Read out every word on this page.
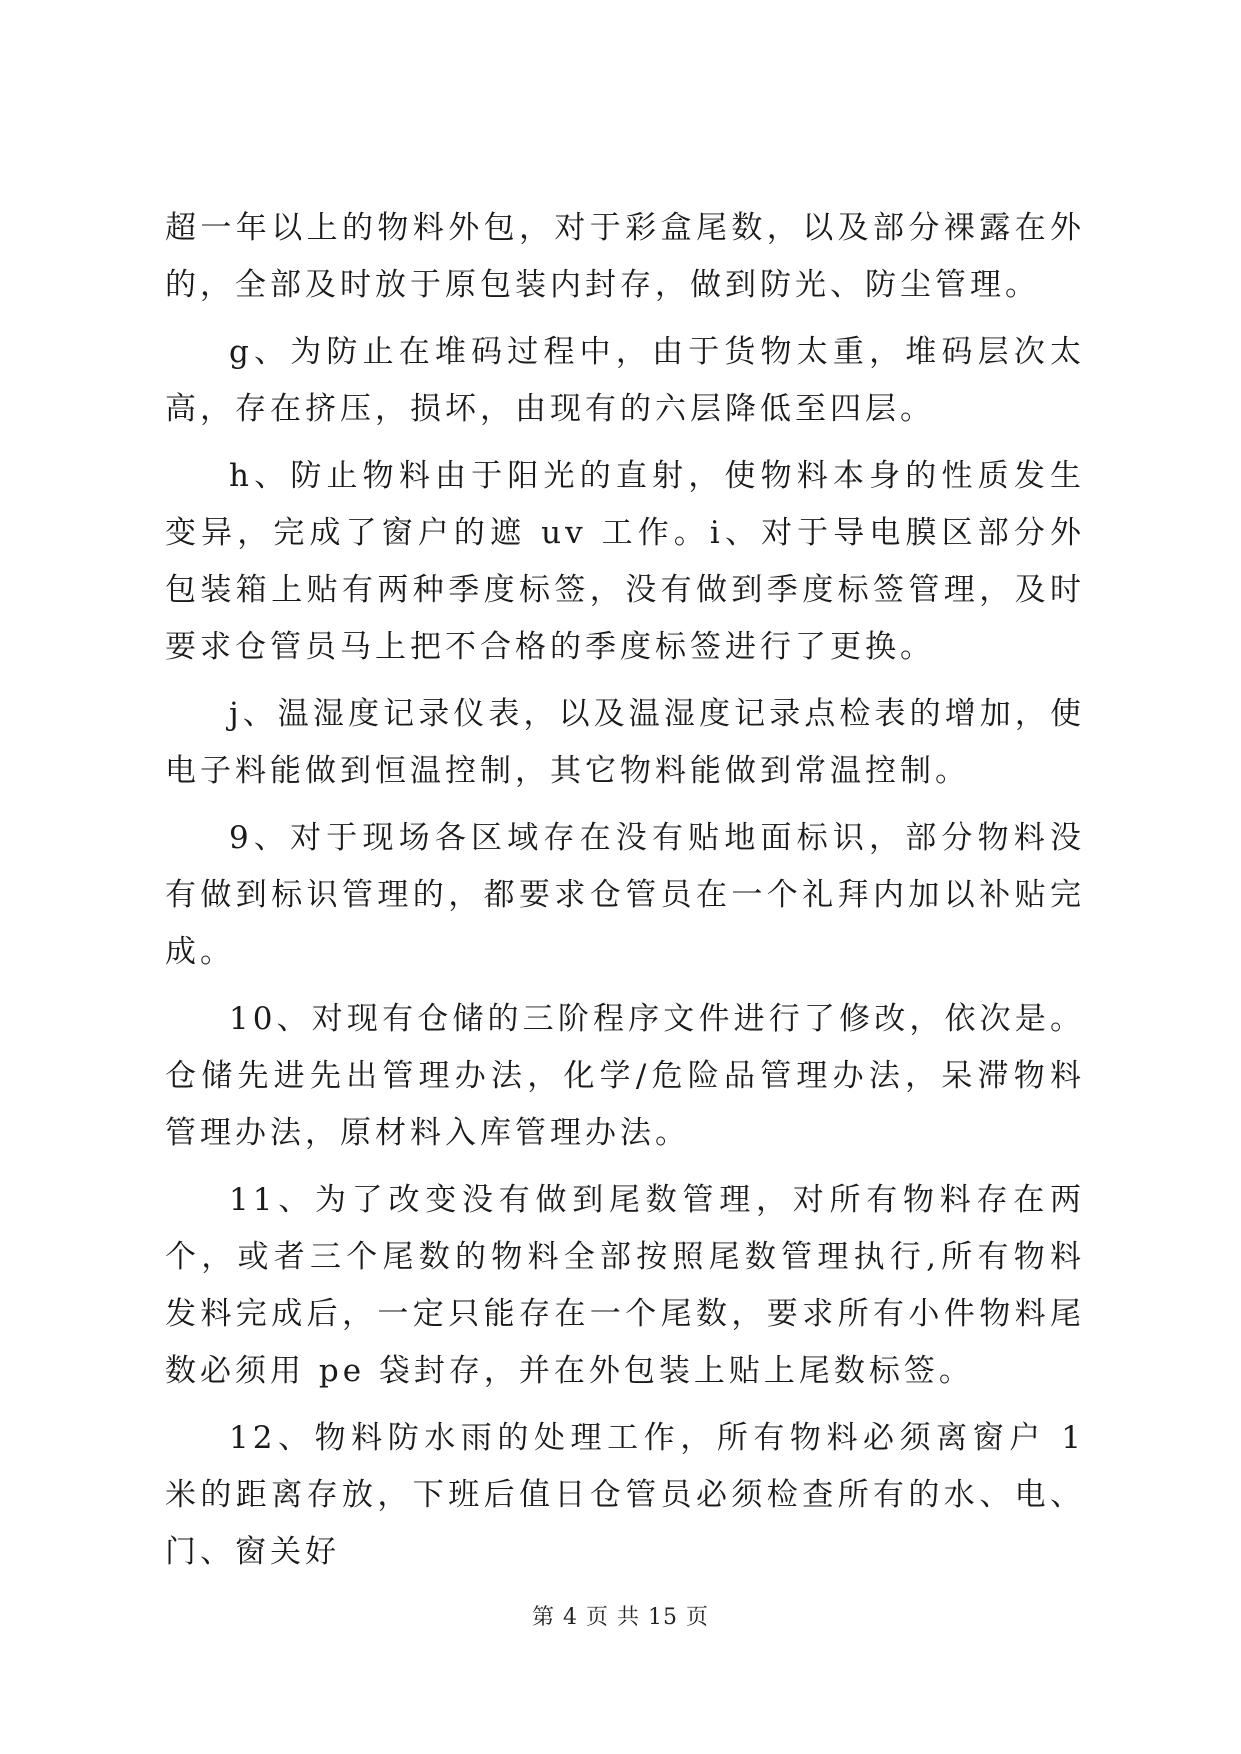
超一年以上的物料外包，对于彩盒尾数，以及部分裸露在外的，全部及时放于原包装内封存，做到防光、防尘管理。

g、为防止在堆码过程中，由于货物太重，堆码层次太高，存在挤压，损坏，由现有的六层降低至四层。

h、防止物料由于阳光的直射，使物料本身的性质发生变异，完成了窗户的遮 uv 工作。i、对于导电膜区部分外包装箱上贴有两种季度标签，没有做到季度标签管理，及时要求仓管员马上把不合格的季度标签进行了更换。

j、温湿度记录仪表，以及温湿度记录点检表的增加，使电子料能做到恒温控制，其它物料能做到常温控制。

9、对于现场各区域存在没有贴地面标识，部分物料没有做到标识管理的，都要求仓管员在一个礼拜内加以补贴完成。

10、对现有仓储的三阶程序文件进行了修改，依次是。仓储先进先出管理办法，化学/危险品管理办法，呆滞物料管理办法，原材料入库管理办法。

11、为了改变没有做到尾数管理，对所有物料存在两个，或者三个尾数的物料全部按照尾数管理执行,所有物料发料完成后，一定只能存在一个尾数，要求所有小件物料尾数必须用 pe 袋封存，并在外包装上贴上尾数标签。

12、物料防水雨的处理工作，所有物料必须离窗户 1 米的距离存放，下班后值日仓管员必须检查所有的水、电、门、窗关好

第 4 页 共 15 页
